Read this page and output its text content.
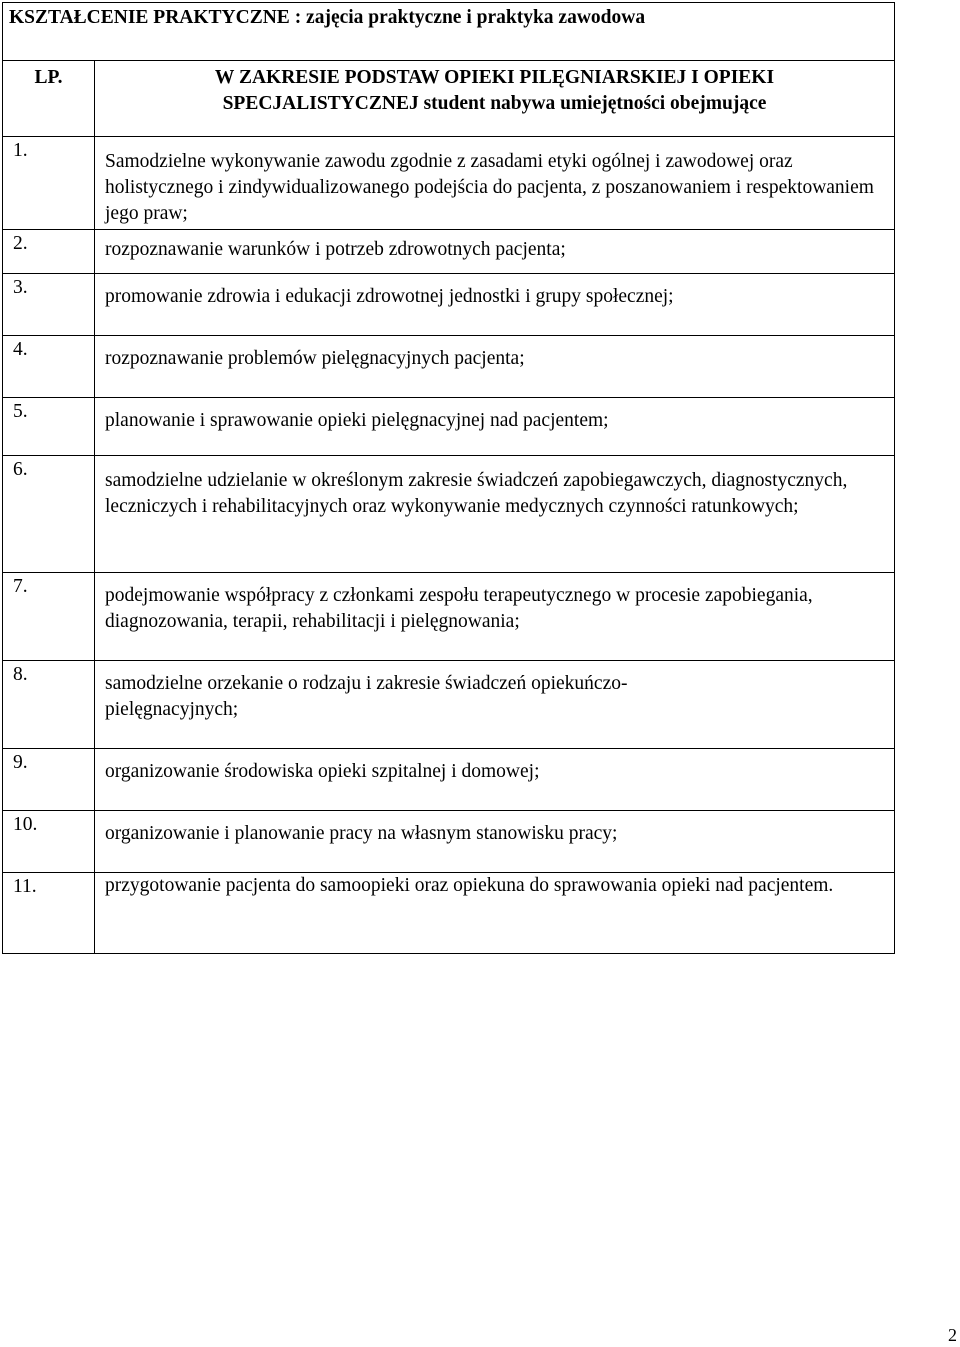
KSZTAŁCENIE PRAKTYCZNE : zajęcia praktyczne i praktyka zawodowa	
LP.	W ZAKRESIE PODSTAW OPIEKI PILĘGNIARSKIEJ I OPIEKI
SPECJALISTYCZNEJ student nabywa umiejętności obejmujące

1.	Samodzielne wykonywanie zawodu zgodnie z zasadami etyki ogólnej i zawodowej oraz holistycznego i zindywidualizowanego podejścia do pacjenta, z poszanowaniem i respektowaniem jego praw;
2.	rozpoznawanie warunków i potrzeb zdrowotnych pacjenta;
3.	promowanie zdrowia i edukacji zdrowotnej jednostki i grupy społecznej;
4.	rozpoznawanie problemów pielęgnacyjnych pacjenta;
5.	planowanie i sprawowanie opieki pielęgnacyjnej nad pacjentem;
6.	samodzielne udzielanie w określonym zakresie świadczeń zapobiegawczych, diagnostycznych, leczniczych i rehabilitacyjnych oraz wykonywanie medycznych czynności ratunkowych;
7.	podejmowanie współpracy z członkami zespołu terapeutycznego w procesie zapobiegania, diagnozowania, terapii, rehabilitacji i pielęgnowania;
8.	samodzielne orzekanie o rodzaju i zakresie świadczeń opiekuńczo-pielęgnacyjnych;
9.	organizowanie środowiska opieki szpitalnej i domowej;
10.	organizowanie i planowanie pracy na własnym stanowisku pracy;
11.	przygotowanie pacjenta do samoopieki oraz opiekuna do sprawowania opieki nad pacjentem.
2
